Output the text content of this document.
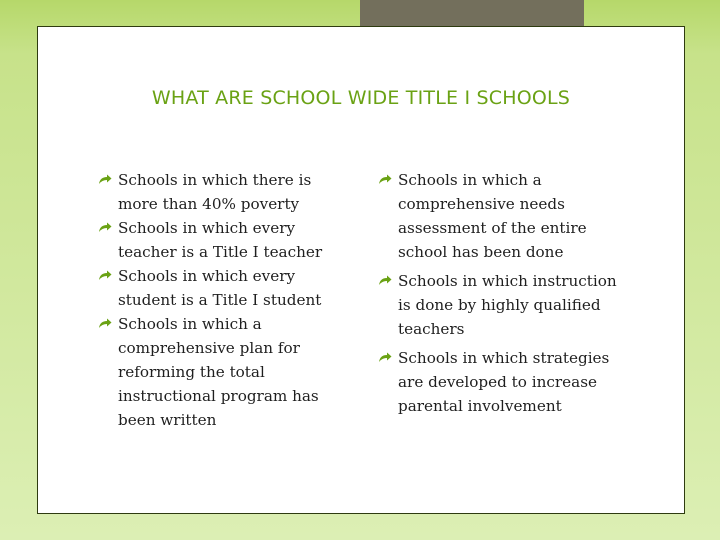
WHAT ARE SCHOOL WIDE TITLE I SCHOOLS
Schools in which there is more than 40% poverty
Schools in which every teacher is a Title I teacher
Schools in which every student is a Title I student
Schools in which a comprehensive plan for reforming the total instructional program has been written
Schools in which a comprehensive needs assessment of the entire school has been done
Schools in which instruction is done by highly qualified teachers
Schools in which strategies are developed to increase parental involvement
